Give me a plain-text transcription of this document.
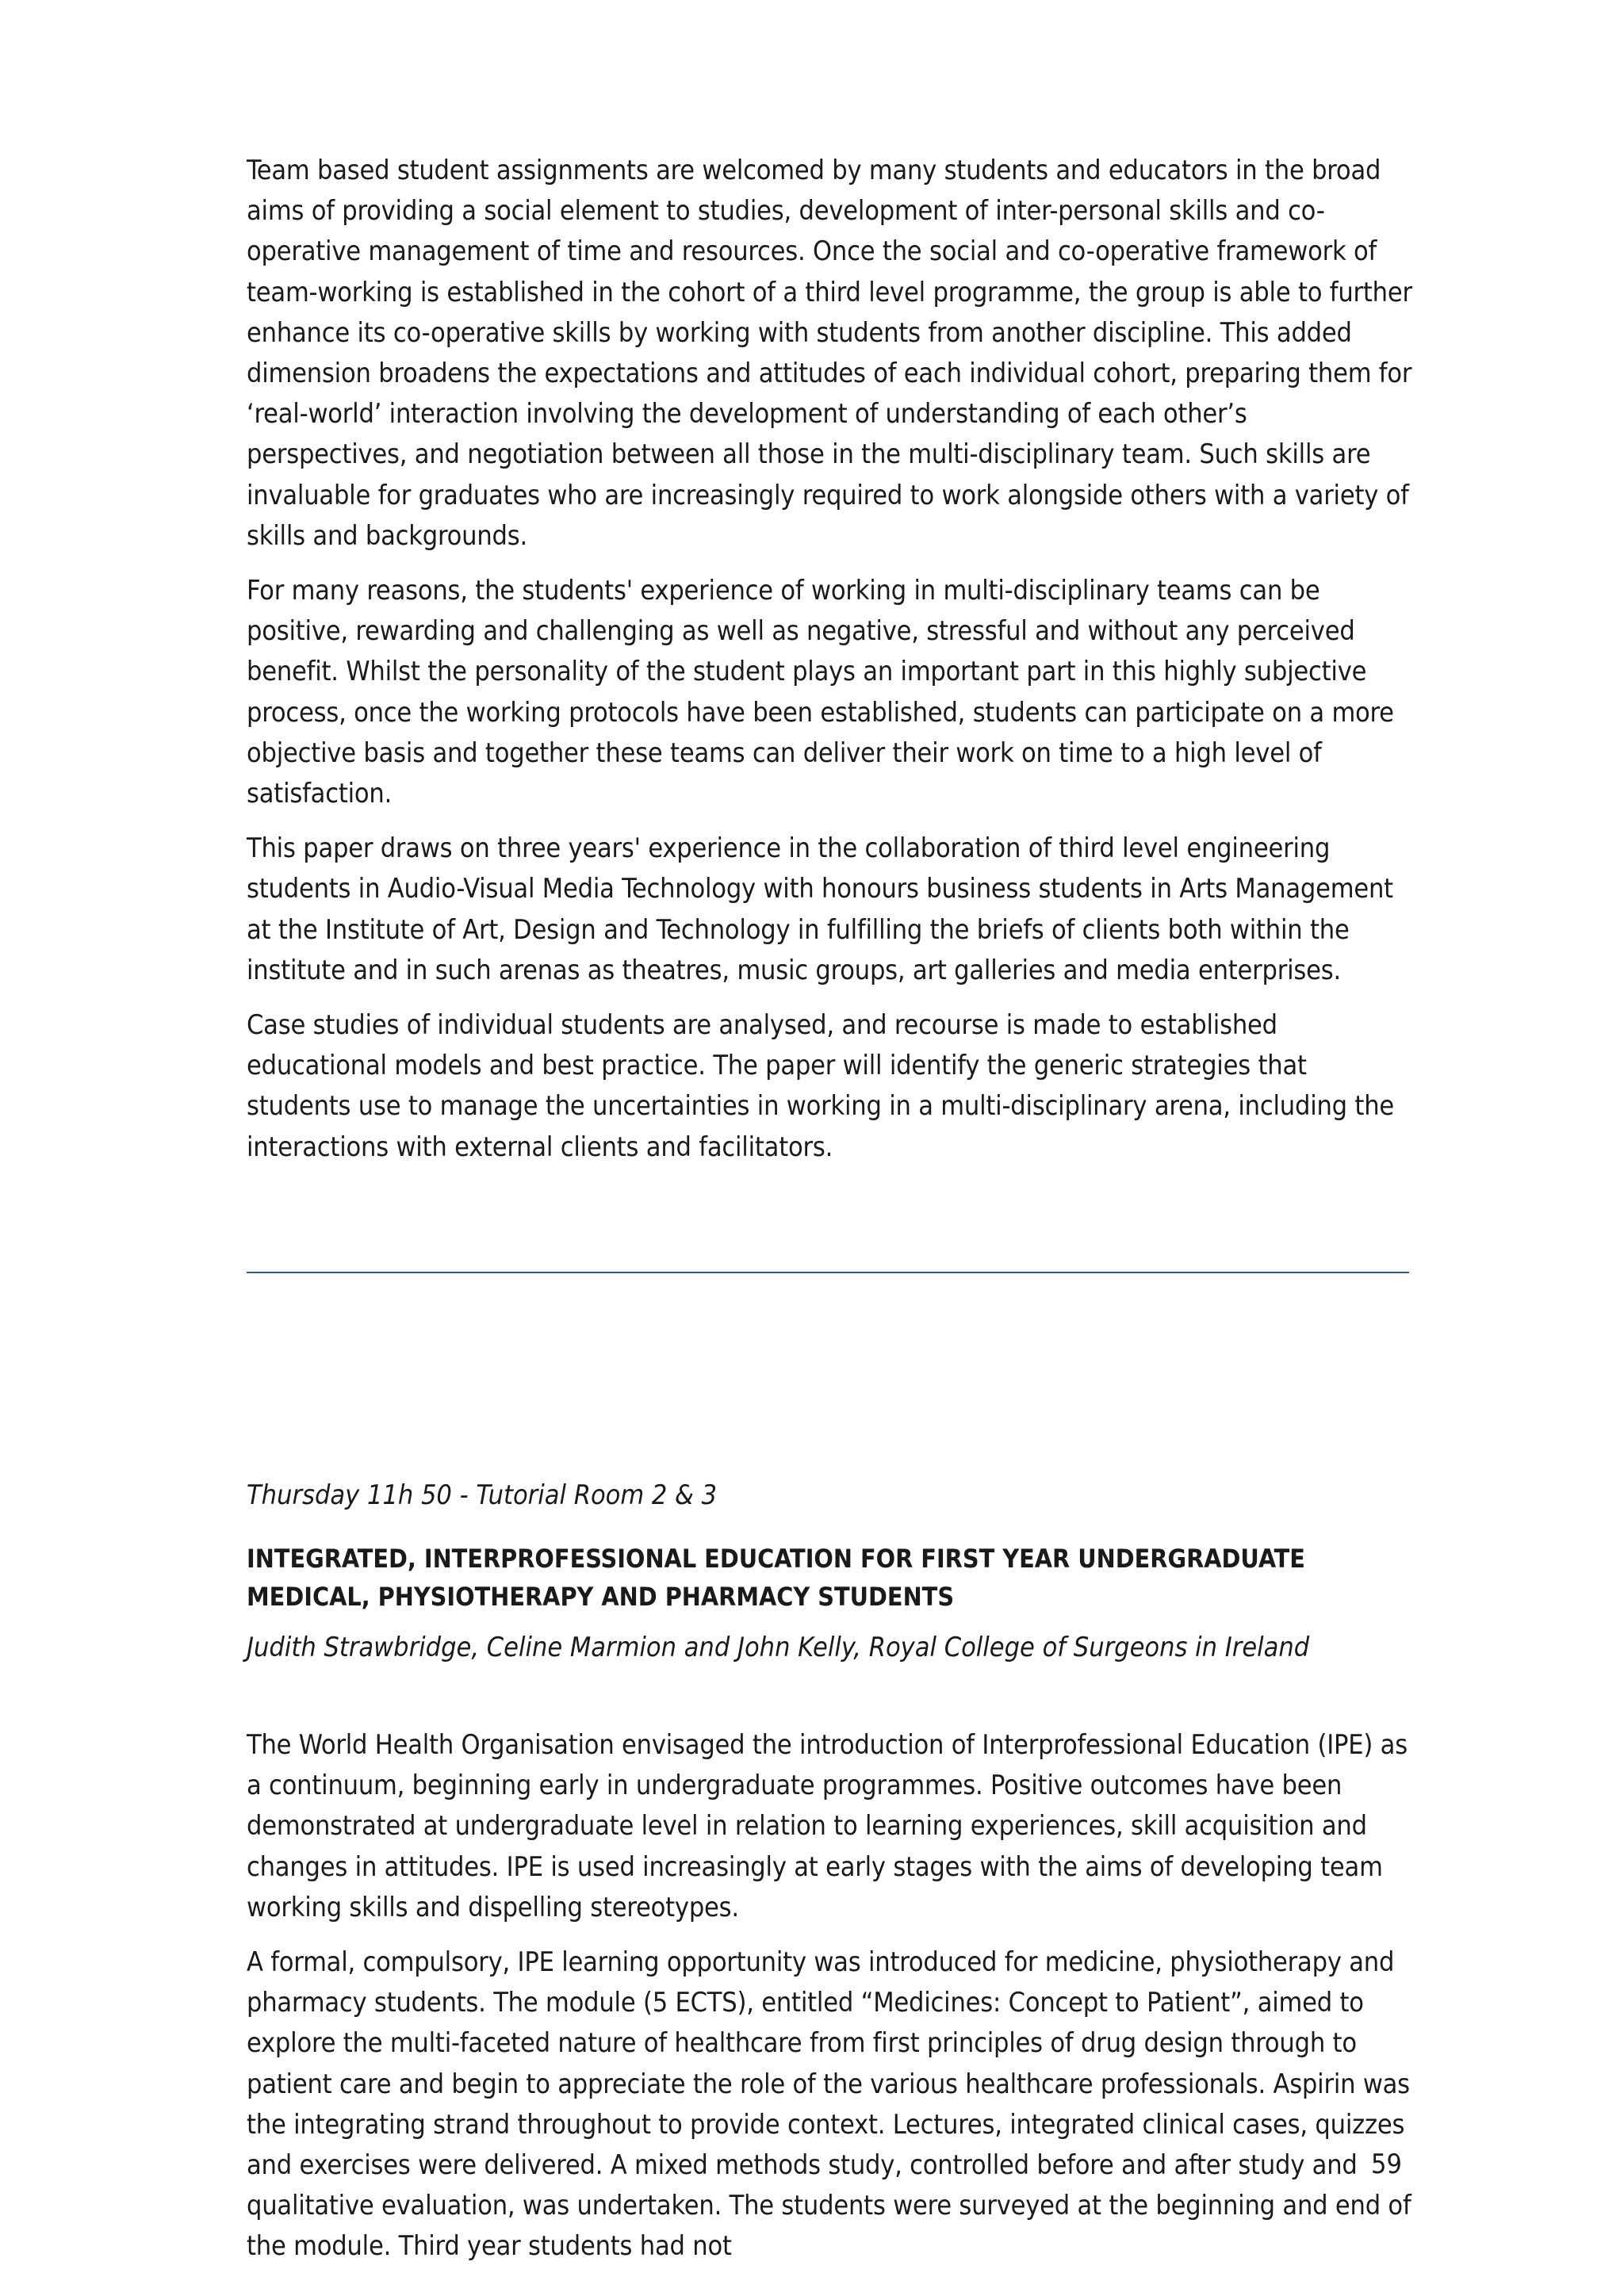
Team based student assignments are welcomed by many students and educators in the broad aims of providing a social element to studies, development of inter-personal skills and co-operative management of time and resources. Once the social and co-operative framework of team-working is established in the cohort of a third level programme, the group is able to further enhance its co-operative skills by working with students from another discipline. This added dimension broadens the expectations and attitudes of each individual cohort, preparing them for ‘real-world’ interaction involving the development of understanding of each other’s perspectives, and negotiation between all those in the multi-disciplinary team. Such skills are invaluable for graduates who are increasingly required to work alongside others with a variety of skills and backgrounds.

For many reasons, the students' experience of working in multi-disciplinary teams can be positive, rewarding and challenging as well as negative, stressful and without any perceived benefit. Whilst the personality of the student plays an important part in this highly subjective process, once the working protocols have been established, students can participate on a more objective basis and together these teams can deliver their work on time to a high level of satisfaction.

This paper draws on three years' experience in the collaboration of third level engineering students in Audio-Visual Media Technology with honours business students in Arts Management at the Institute of Art, Design and Technology in fulfilling the briefs of clients both within the institute and in such arenas as theatres, music groups, art galleries and media enterprises.

Case studies of individual students are analysed, and recourse is made to established educational models and best practice. The paper will identify the generic strategies that students use to manage the uncertainties in working in a multi-disciplinary arena, including the interactions with external clients and facilitators.

Thursday 11h 50 - Tutorial Room 2 & 3
INTEGRATED, INTERPROFESSIONAL EDUCATION FOR FIRST YEAR UNDERGRADUATE
MEDICAL, PHYSIOTHERAPY AND PHARMACY STUDENTS
Judith Strawbridge, Celine Marmion and John Kelly, Royal College of Surgeons in Ireland

The World Health Organisation envisaged the introduction of Interprofessional Education (IPE) as a continuum, beginning early in undergraduate programmes. Positive outcomes have been demonstrated at undergraduate level in relation to learning experiences, skill acquisition and changes in attitudes. IPE is used increasingly at early stages with the aims of developing team working skills and dispelling stereotypes.

A formal, compulsory, IPE learning opportunity was introduced for medicine, physiotherapy and pharmacy students. The module (5 ECTS), entitled “Medicines: Concept to Patient”, aimed to explore the multi-faceted nature of healthcare from first principles of drug design through to patient care and begin to appreciate the role of the various healthcare professionals. Aspirin was the integrating strand throughout to provide context. Lectures, integrated clinical cases, quizzes and exercises were delivered. A mixed methods study, controlled before and after study and qualitative evaluation, was undertaken. The students were surveyed at the beginning and end of the module. Third year students had not

59
